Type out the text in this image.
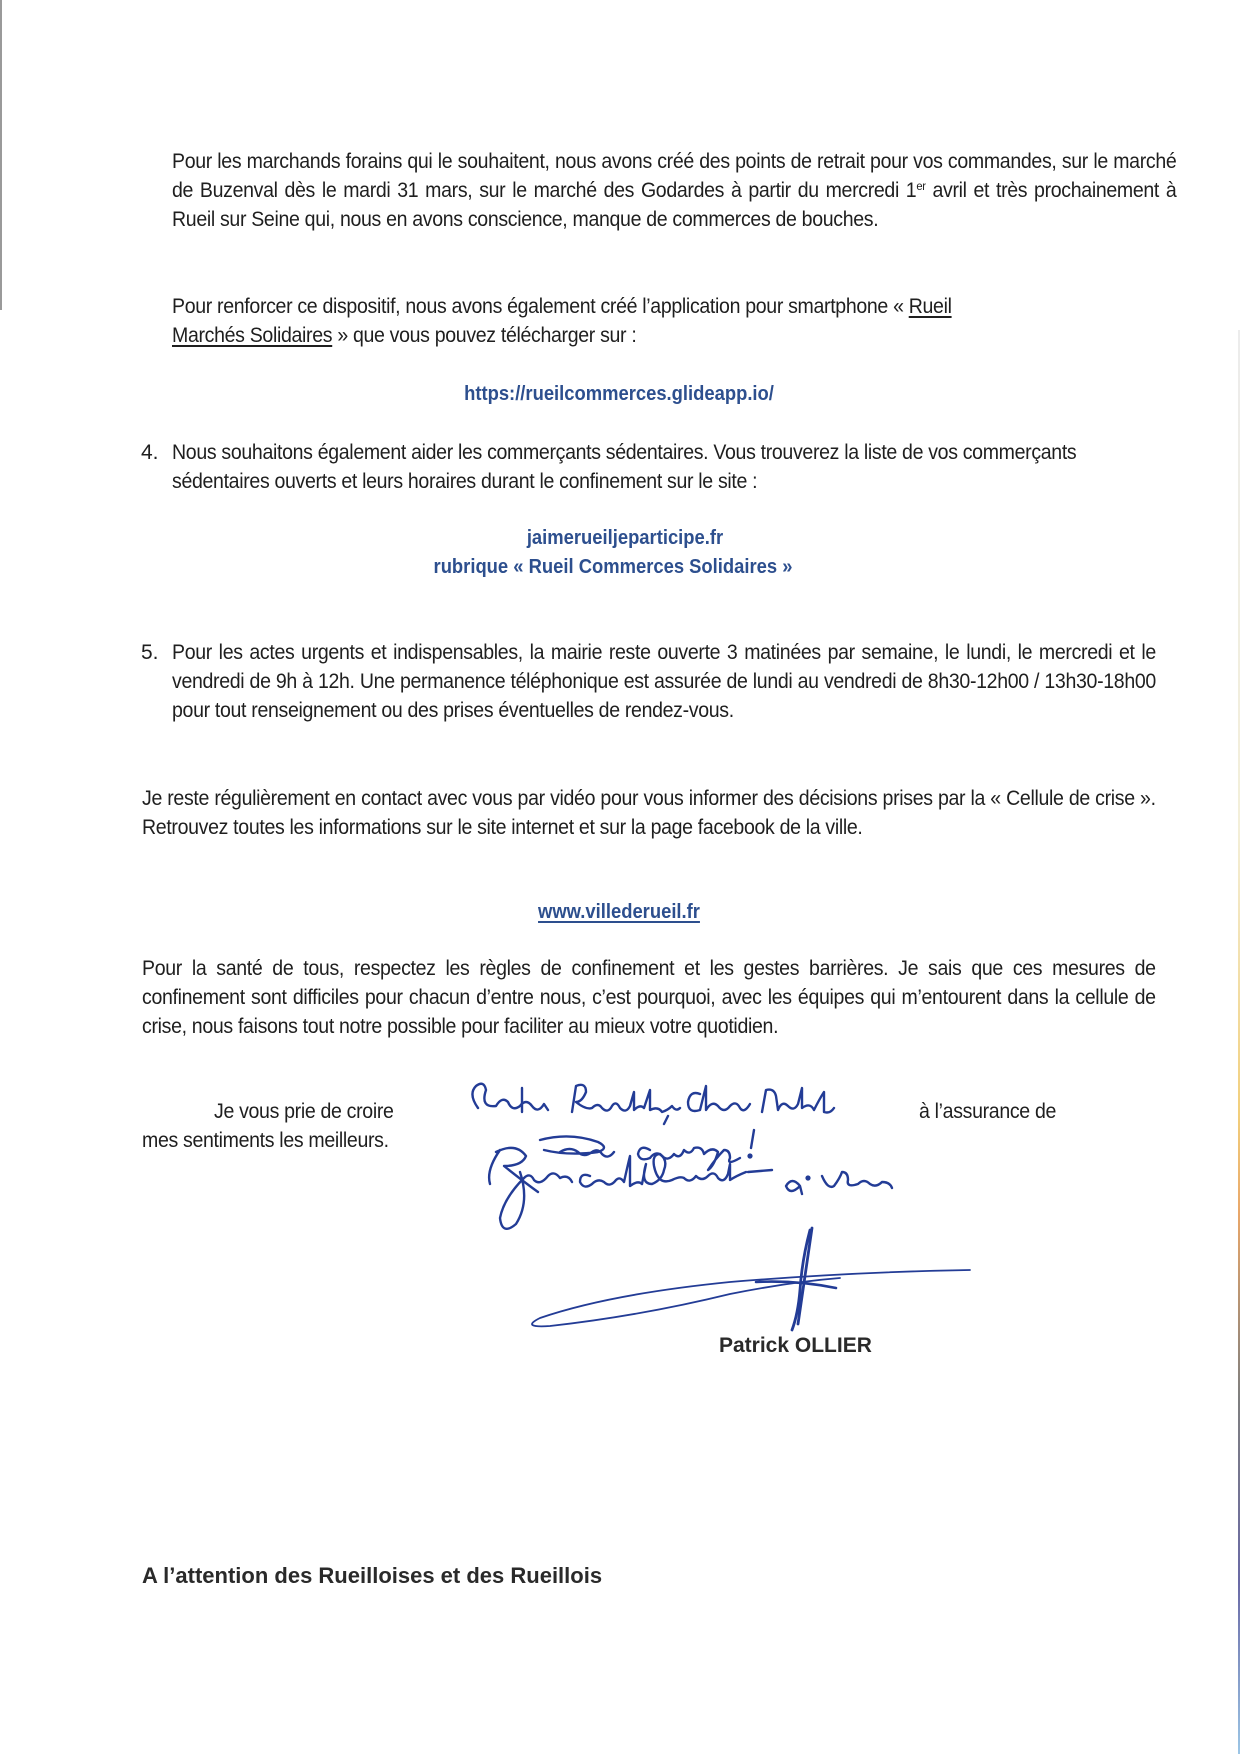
Pour les marchands forains qui le souhaitent, nous avons créé des points de retrait pour vos commandes, sur le marché de Buzenval dès le mardi 31 mars, sur le marché des Godardes à partir du mercredi 1er avril et très prochainement à Rueil sur Seine qui, nous en avons conscience, manque de commerces de bouches.

Pour renforcer ce dispositif, nous avons également créé l’application pour smartphone « Rueil Marchés Solidaires » que vous pouvez télécharger sur :

https://rueilcommerces.glideapp.io/
4. Nous souhaitons également aider les commerçants sédentaires. Vous trouverez la liste de vos commerçants sédentaires ouverts et leurs horaires durant le confinement sur le site :

jaimerueiljeparticipe.fr
rubrique « Rueil Commerces Solidaires »
5. Pour les actes urgents et indispensables, la mairie reste ouverte 3 matinées par semaine, le lundi, le mercredi et le vendredi de 9h à 12h. Une permanence téléphonique est assurée de lundi au vendredi de 8h30-12h00 / 13h30-18h00 pour tout renseignement ou des prises éventuelles de rendez-vous.

Je reste régulièrement en contact avec vous par vidéo pour vous informer des décisions prises par la « Cellule de crise ». Retrouvez toutes les informations sur le site internet et sur la page facebook de la ville.

www.villederueil.fr

Pour la santé de tous, respectez les règles de confinement et les gestes barrières. Je sais que ces mesures de confinement sont difficiles pour chacun d’entre nous, c’est pourquoi, avec les équipes qui m’entourent dans la cellule de crise, nous faisons tout notre possible pour faciliter au mieux votre quotidien.

Je vous prie de croire	à l’assurance de
mes sentiments les meilleurs.
Patrick OLLIER
A l’attention des Rueilloises et des Rueillois
